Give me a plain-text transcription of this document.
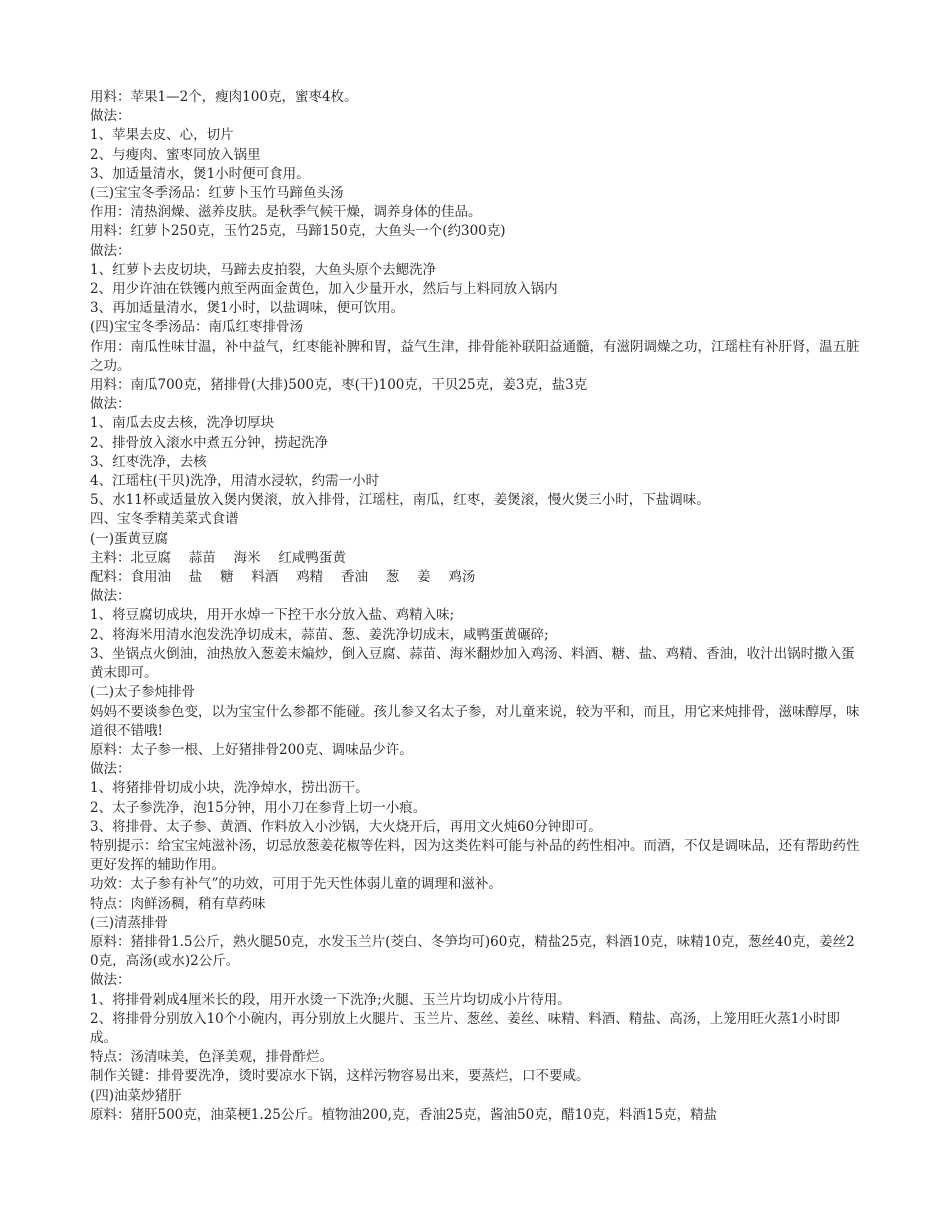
用料：苹果1—2个，瘦肉100克，蜜枣4枚。
做法：
1、苹果去皮、心，切片
2、与瘦肉、蜜枣同放入锅里
3、加适量清水，煲1小时便可食用。
(三)宝宝冬季汤品：红萝卜玉竹马蹄鱼头汤
作用：清热润燥、滋养皮肤。是秋季气候干燥，调养身体的佳品。
用料：红萝卜250克，玉竹25克，马蹄150克，大鱼头一个(约300克)
做法：
1、红萝卜去皮切块，马蹄去皮拍裂，大鱼头原个去鳃洗净
2、用少许油在铁镬内煎至两面金黄色，加入少量开水，然后与上料同放入锅内
3、再加适量清水，煲1小时，以盐调味，便可饮用。
(四)宝宝冬季汤品：南瓜红枣排骨汤
作用：南瓜性味甘温，补中益气，红枣能补脾和胃，益气生津，排骨能补联阳益通髓，有滋阴调燥之功，江瑶柱有补肝肾，温五脏之功。
用料：南瓜700克，猪排骨(大排)500克，枣(干)100克，干贝25克，姜3克，盐3克
做法：
1、南瓜去皮去核，洗净切厚块
2、排骨放入滚水中煮五分钟，捞起洗净
3、红枣洗净，去核
4、江瑶柱(干贝)洗净，用清水浸软，约需一小时
5、水11杯或适量放入煲内煲滚，放入排骨，江瑶柱，南瓜，红枣，姜煲滚，慢火煲三小时，下盐调味。
四、宝冬季精美菜式食谱
(一)蛋黄豆腐
主料：北豆腐　 蒜苗　 海米　 红咸鸭蛋黄
配料：食用油　 盐　 糖　 料酒　 鸡精　 香油　 葱　 姜　 鸡汤
做法：
1、将豆腐切成块，用开水焯一下控干水分放入盐、鸡精入味;
2、将海米用清水泡发洗净切成末，蒜苗、葱、姜洗净切成末，咸鸭蛋黄碾碎;
3、坐锅点火倒油，油热放入葱姜末煸炒，倒入豆腐、蒜苗、海米翻炒加入鸡汤、料酒、糖、盐、鸡精、香油，收汁出锅时撒入蛋黄末即可。
(二)太子参炖排骨
妈妈不要谈参色变，以为宝宝什么参都不能碰。孩儿参又名太子参，对儿童来说，较为平和，而且，用它来炖排骨，滋味醇厚，味道很不错哦!
原料：太子参一根、上好猪排骨200克、调味品少许。
做法：
1、将猪排骨切成小块，洗净焯水，捞出沥干。
2、太子参洗净，泡15分钟，用小刀在参背上切一小痕。
3、将排骨、太子参、黄酒、作料放入小沙锅，大火烧开后，再用文火炖60分钟即可。
特别提示：给宝宝炖滋补汤，切忌放葱姜花椒等佐料，因为这类佐料可能与补品的药性相冲。而酒，不仅是调味品，还有帮助药性更好发挥的辅助作用。
功效：太子参有补气”的功效，可用于先天性体弱儿童的调理和滋补。
特点：肉鲜汤稠，稍有草药味
(三)清蒸排骨
原料：猪排骨1.5公斤，熟火腿50克，水发玉兰片(茭白、冬笋均可)60克，精盐25克，料酒10克，味精10克，葱丝40克，姜丝20克，高汤(或水)2公斤。
做法：
1、将排骨剁成4厘米长的段，用开水烫一下洗净;火腿、玉兰片均切成小片待用。
2、将排骨分别放入10个小碗内，再分别放上火腿片、玉兰片、葱丝、姜丝、味精、料酒、精盐、高汤，上笼用旺火蒸1小时即成。
特点：汤清味美，色泽美观，排骨酢烂。
制作关键：排骨要洗净，烫时要凉水下锅，这样污物容易出来，要蒸烂，口不要咸。
(四)油菜炒猪肝
原料：猪肝500克，油菜梗1.25公斤。植物油200,克，香油25克，酱油50克，醋10克，料酒15克，精盐
